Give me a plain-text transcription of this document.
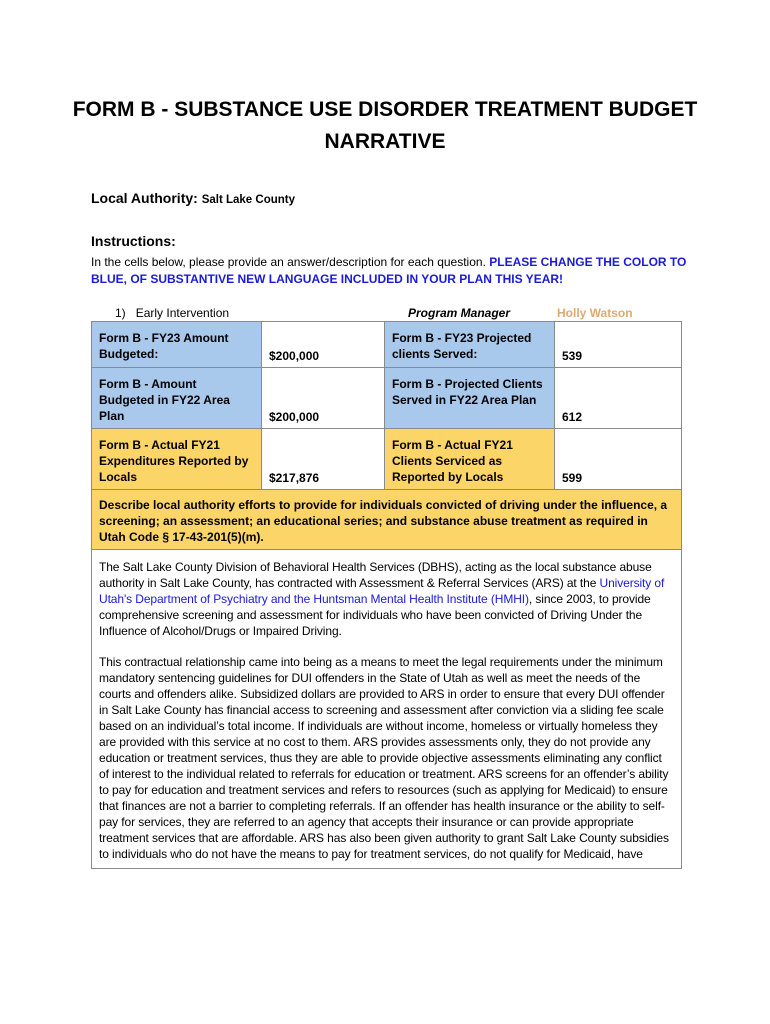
FORM B - SUBSTANCE USE DISORDER TREATMENT BUDGET NARRATIVE
Local Authority: Salt Lake County
Instructions:
In the cells below, please provide an answer/description for each question. PLEASE CHANGE THE COLOR TO BLUE, OF SUBSTANTIVE NEW LANGUAGE INCLUDED IN YOUR PLAN THIS YEAR!
1) Early Intervention	Program Manager	Holly Watson
Form B - FY23 Amount Budgeted:	$200,000	Form B - FY23 Projected clients Served:	539
Form B - Amount Budgeted in FY22 Area Plan	$200,000	Form B - Projected Clients Served in FY22 Area Plan	612
Form B - Actual FY21 Expenditures Reported by Locals	$217,876	Form B - Actual FY21 Clients Serviced as Reported by Locals	599
Describe local authority efforts to provide for individuals convicted of driving under the influence, a screening; an assessment; an educational series; and substance abuse treatment as required in Utah Code § 17-43-201(5)(m).			

The Salt Lake County Division of Behavioral Health Services (DBHS), acting as the local substance abuse authority in Salt Lake County, has contracted with Assessment & Referral Services (ARS) at the University of Utah's Department of Psychiatry and the Huntsman Mental Health Institute (HMHI), since 2003, to provide comprehensive screening and assessment for individuals who have been convicted of Driving Under the Influence of Alcohol/Drugs or Impaired Driving.

This contractual relationship came into being as a means to meet the legal requirements under the minimum mandatory sentencing guidelines for DUI offenders in the State of Utah as well as meet the needs of the courts and offenders alike. Subsidized dollars are provided to ARS in order to ensure that every DUI offender in Salt Lake County has financial access to screening and assessment after conviction via a sliding fee scale based on an individual’s total income. If individuals are without income, homeless or virtually homeless they are provided with this service at no cost to them. ARS provides assessments only, they do not provide any education or treatment services, thus they are able to provide objective assessments eliminating any conflict of interest to the individual related to referrals for education or treatment. ARS screens for an offender’s ability to pay for education and treatment services and refers to resources (such as applying for Medicaid) to ensure that finances are not a barrier to completing referrals. If an offender has health insurance or the ability to self-pay for services, they are referred to an agency that accepts their insurance or can provide appropriate treatment services that are affordable. ARS has also been given authority to grant Salt Lake County subsidies to individuals who do not have the means to pay for treatment services, do not qualify for Medicaid, have			
